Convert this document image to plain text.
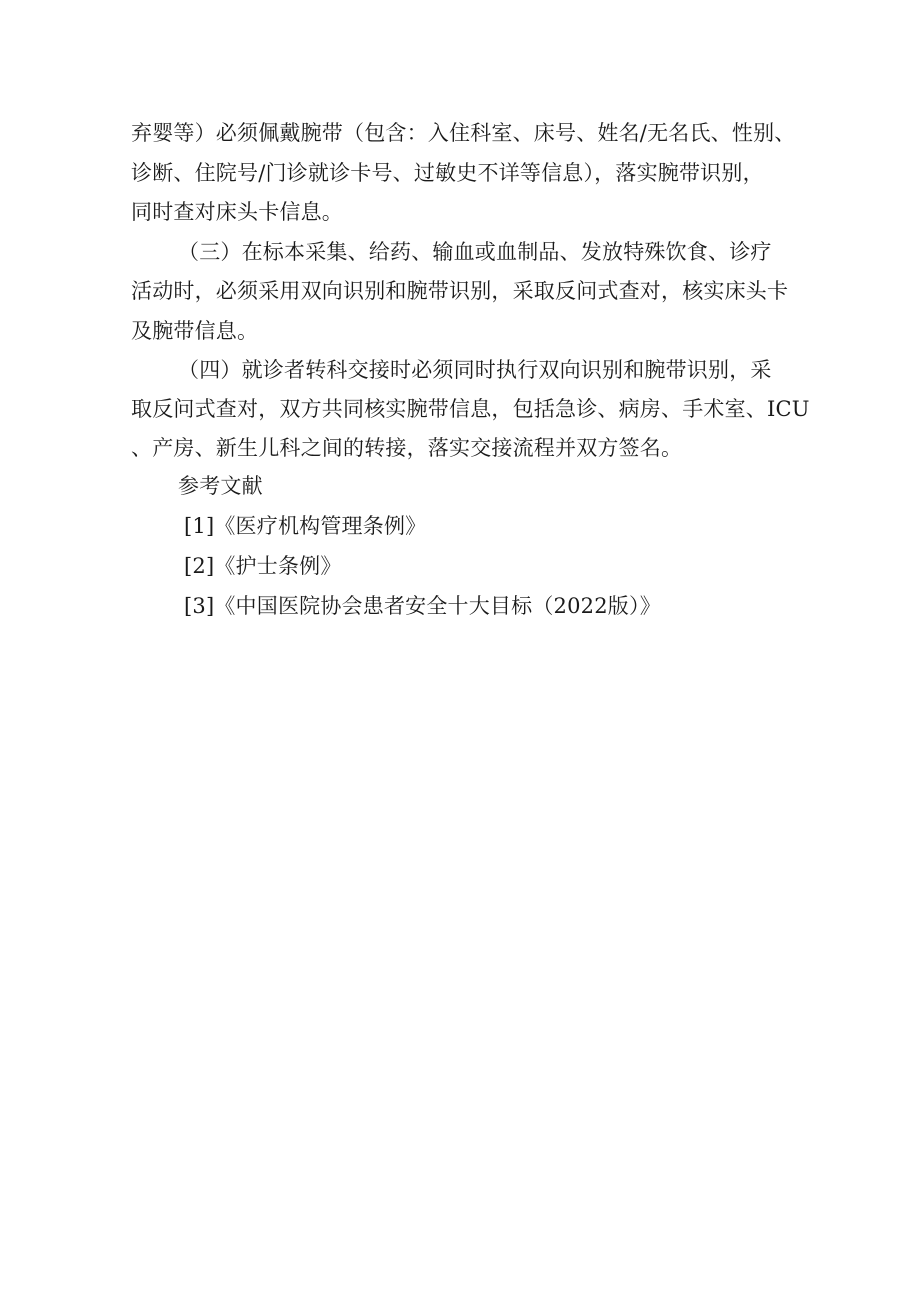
弃婴等）必须佩戴腕带（包含：入住科室、床号、姓名/无名氏、性别、
诊断、住院号/门诊就诊卡号、过敏史不详等信息），落实腕带识别，
同时查对床头卡信息。
（三）在标本采集、给药、输血或血制品、发放特殊饮食、诊疗
活动时，必须采用双向识别和腕带识别，采取反问式查对，核实床头卡
及腕带信息。
（四）就诊者转科交接时必须同时执行双向识别和腕带识别，采
取反问式查对，双方共同核实腕带信息，包括急诊、病房、手术室、ICU
、产房、新生儿科之间的转接，落实交接流程并双方签名。
参考文献
[1]《医疗机构管理条例》
[2]《护士条例》
[3]《中国医院协会患者安全十大目标（2022版）》
